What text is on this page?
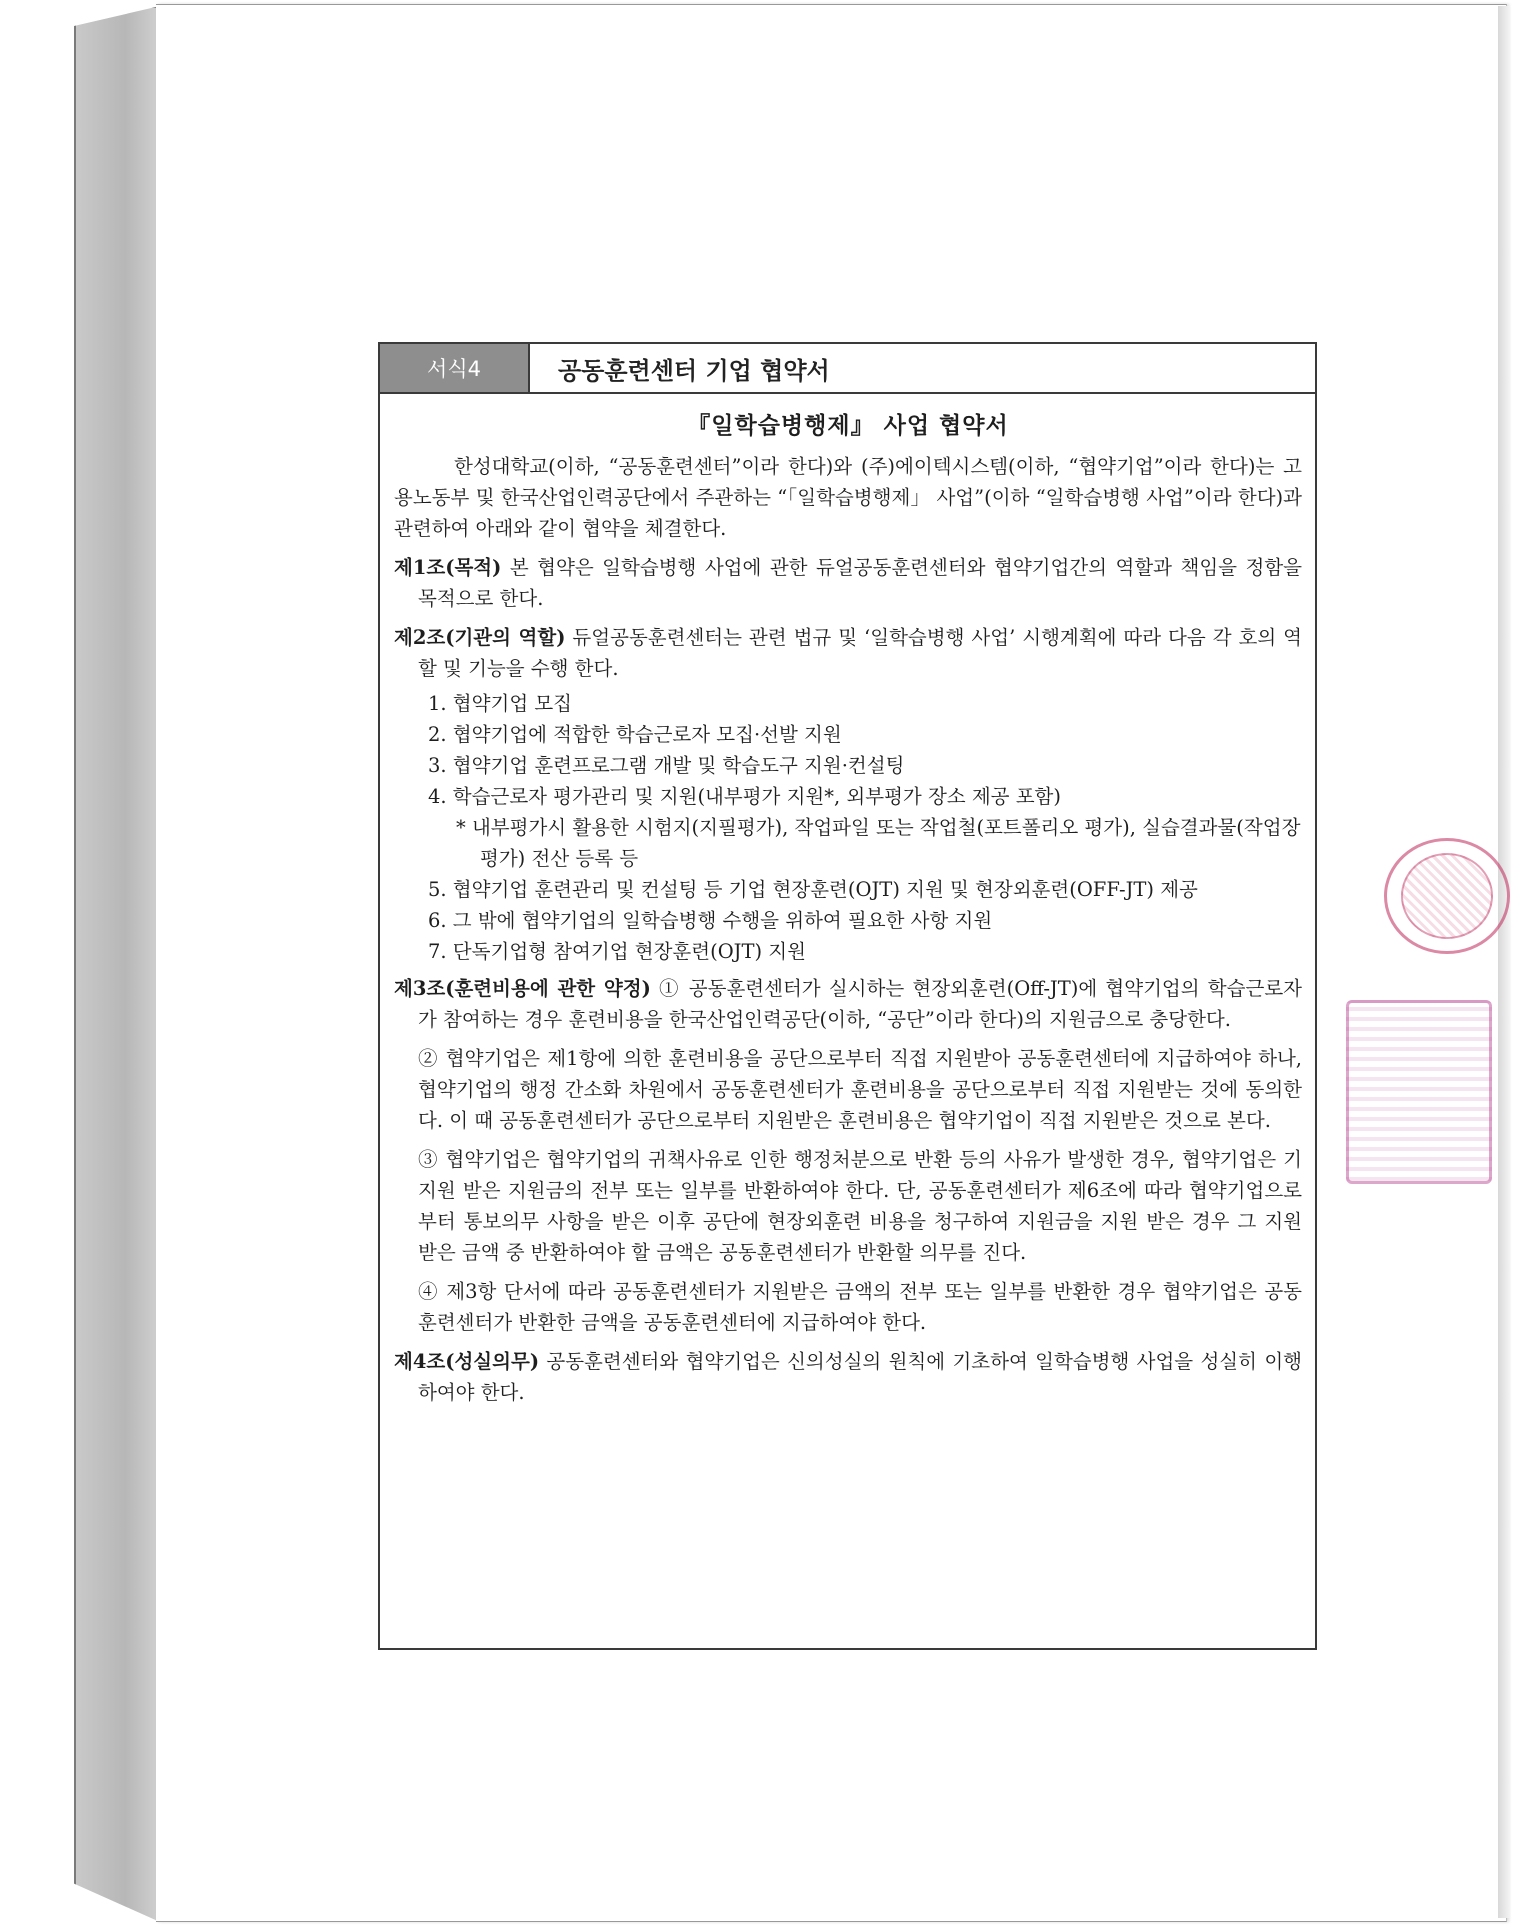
서식4	공동훈련센터 기업 협약서
『일학습병행제』 사업 협약서

한성대학교(이하, “공동훈련센터”이라 한다)와 (주)에이텍시스템(이하, “협약기업”이라 한다)는 고용노동부 및 한국산업인력공단에서 주관하는 “「일학습병행제」 사업”(이하 “일학습병행 사업”이라 한다)과 관련하여 아래와 같이 협약을 체결한다.

제1조(목적) 본 협약은 일학습병행 사업에 관한 듀얼공동훈련센터와 협약기업간의 역할과 책임을 정함을 목적으로 한다.

제2조(기관의 역할) 듀얼공동훈련센터는 관련 법규 및 ‘일학습병행 사업’ 시행계획에 따라 다음 각 호의 역할 및 기능을 수행 한다.

1. 협약기업 모집
2. 협약기업에 적합한 학습근로자 모집·선발 지원
3. 협약기업 훈련프로그램 개발 및 학습도구 지원·컨설팅
4. 학습근로자 평가관리 및 지원(내부평가 지원*, 외부평가 장소 제공 포함)
* 내부평가시 활용한 시험지(지필평가), 작업파일 또는 작업철(포트폴리오 평가), 실습결과물(작업장 평가) 전산 등록 등
5. 협약기업 훈련관리 및 컨설팅 등 기업 현장훈련(OJT) 지원 및 현장외훈련(OFF-JT) 제공
6. 그 밖에 협약기업의 일학습병행 수행을 위하여 필요한 사항 지원
7. 단독기업형 참여기업 현장훈련(OJT) 지원

제3조(훈련비용에 관한 약정) ① 공동훈련센터가 실시하는 현장외훈련(Off-JT)에 협약기업의 학습근로자가 참여하는 경우 훈련비용을 한국산업인력공단(이하, “공단”이라 한다)의 지원금으로 충당한다.

② 협약기업은 제1항에 의한 훈련비용을 공단으로부터 직접 지원받아 공동훈련센터에 지급하여야 하나, 협약기업의 행정 간소화 차원에서 공동훈련센터가 훈련비용을 공단으로부터 직접 지원받는 것에 동의한다. 이 때 공동훈련센터가 공단으로부터 지원받은 훈련비용은 협약기업이 직접 지원받은 것으로 본다.

③ 협약기업은 협약기업의 귀책사유로 인한 행정처분으로 반환 등의 사유가 발생한 경우, 협약기업은 기지원 받은 지원금의 전부 또는 일부를 반환하여야 한다. 단, 공동훈련센터가 제6조에 따라 협약기업으로부터 통보의무 사항을 받은 이후 공단에 현장외훈련 비용을 청구하여 지원금을 지원 받은 경우 그 지원 받은 금액 중 반환하여야 할 금액은 공동훈련센터가 반환할 의무를 진다.

④ 제3항 단서에 따라 공동훈련센터가 지원받은 금액의 전부 또는 일부를 반환한 경우 협약기업은 공동훈련센터가 반환한 금액을 공동훈련센터에 지급하여야 한다.

제4조(성실의무) 공동훈련센터와 협약기업은 신의성실의 원칙에 기초하여 일학습병행 사업을 성실히 이행하여야 한다.
